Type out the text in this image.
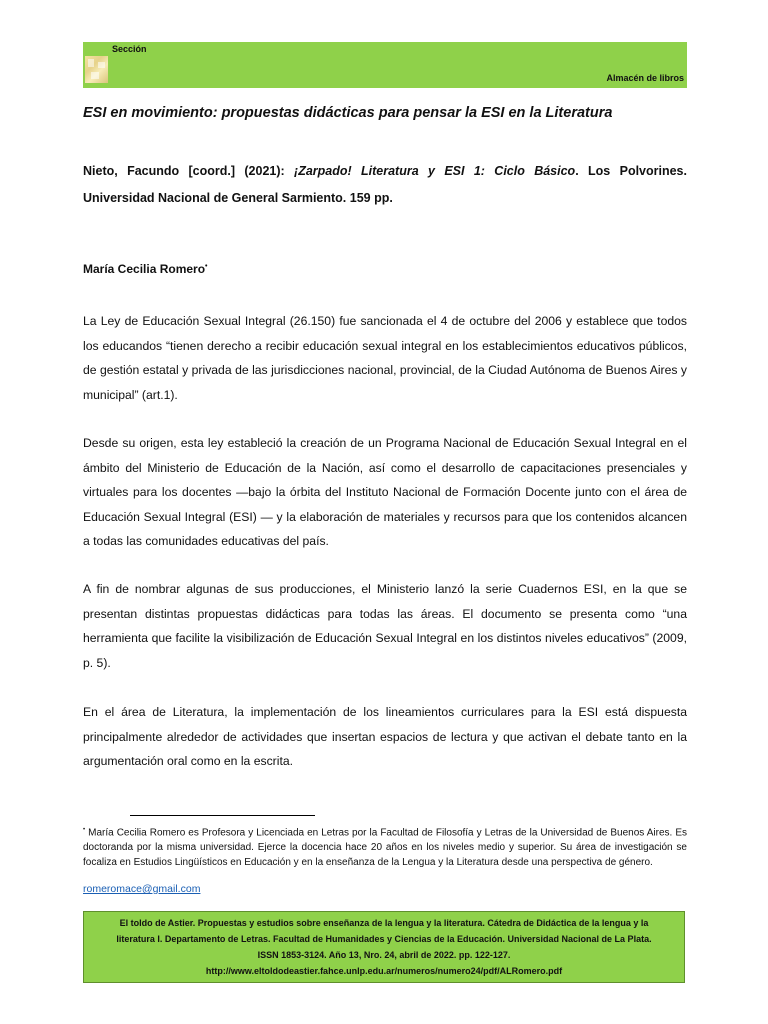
Sección
Almacén de libros
ESI en movimiento: propuestas didácticas para pensar la ESI en la Literatura
Nieto, Facundo [coord.] (2021): ¡Zarpado! Literatura y ESI 1: Ciclo Básico. Los Polvorines. Universidad Nacional de General Sarmiento. 159 pp.
María Cecilia Romero•

La Ley de Educación Sexual Integral (26.150) fue sancionada el 4 de octubre del 2006 y establece que todos los educandos “tienen derecho a recibir educación sexual integral en los establecimientos educativos públicos, de gestión estatal y privada de las jurisdicciones nacional, provincial, de la Ciudad Autónoma de Buenos Aires y municipal” (art.1).

Desde su origen, esta ley estableció la creación de un Programa Nacional de Educación Sexual Integral en el ámbito del Ministerio de Educación de la Nación, así como el desarrollo de capacitaciones presenciales y virtuales para los docentes —bajo la órbita del Instituto Nacional de Formación Docente junto con el área de Educación Sexual Integral (ESI) — y la elaboración de materiales y recursos para que los contenidos alcancen a todas las comunidades educativas del país.

A fin de nombrar algunas de sus producciones, el Ministerio lanzó la serie Cuadernos ESI, en la que se presentan distintas propuestas didácticas para todas las áreas. El documento se presenta como “una herramienta que facilite la visibilización de Educación Sexual Integral en los distintos niveles educativos” (2009, p. 5).

En el área de Literatura, la implementación de los lineamientos curriculares para la ESI está dispuesta principalmente alrededor de actividades que insertan espacios de lectura y que activan el debate tanto en la argumentación oral como en la escrita.

• María Cecilia Romero es Profesora y Licenciada en Letras por la Facultad de Filosofía y Letras de la Universidad de Buenos Aires. Es doctoranda por la misma universidad. Ejerce la docencia hace 20 años en los niveles medio y superior. Su área de investigación se focaliza en Estudios Lingüísticos en Educación y en la enseñanza de la Lengua y la Literatura desde una perspectiva de género.

romeromace@gmail.com
El toldo de Astier. Propuestas y estudios sobre enseñanza de la lengua y la literatura. Cátedra de Didáctica de la lengua y la
literatura I. Departamento de Letras. Facultad de Humanidades y Ciencias de la Educación. Universidad Nacional de La Plata.
ISSN 1853-3124. Año 13, Nro. 24, abril de 2022. pp. 122-127.
http://www.eltoldodeastier.fahce.unlp.edu.ar/numeros/numero24/pdf/ALRomero.pdf
